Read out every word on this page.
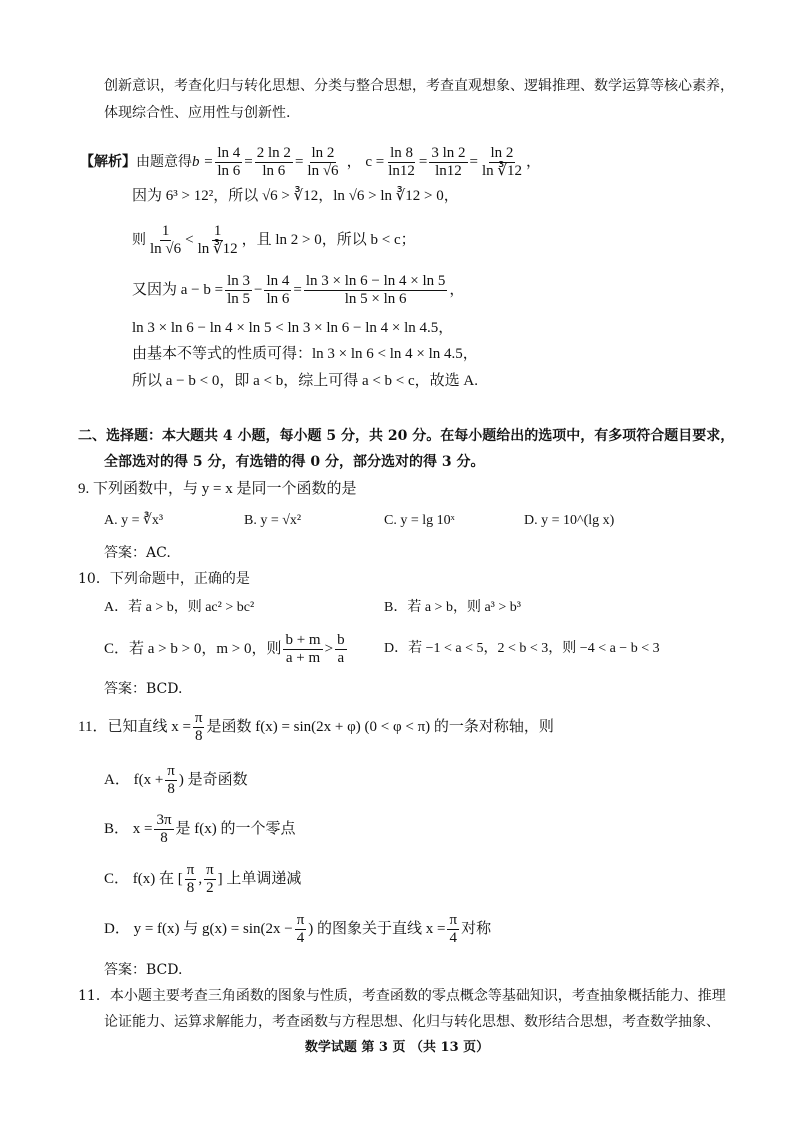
创新意识，考查化归与转化思想、分类与整合思想，考查直观想象、逻辑推理、数学运算等核心素养，
体现综合性、应用性与创新性.
【解析】 由题意得 $b = \frac{\ln 4}{\ln 6} = \frac{2 \ln 2}{\ln 6} = \frac{\ln 2}{\ln √6}$ ， $c = \frac{\ln 8}{\ln 12} = \frac{3 \ln 2}{\ln 12} = \frac{\ln 2}{\ln ∛12}$ ，
因为 6³ > 12²，所以 √6 > ∛12，ln √6 > ln ∛12 > 0，
则 $\frac{1}{\ln √6} < \frac{1}{\ln ∛12}$ ，且 ln 2 > 0，所以 b < c；
又因为 $a - b = \frac{\ln 3}{\ln 5} - \frac{\ln 4}{\ln 6} = \frac{\ln 3 \times \ln 6 - \ln 4 \times \ln 5}{\ln 5 \times \ln 6}$ ，
ln 3 × ln 6 − ln 4 × ln 5 < ln 3 × ln 6 − ln 4 × ln 4.5，
由基本不等式的性质可得：ln 3 × ln 6 < ln 4 × ln 4.5，
所以 a − b < 0，即 a < b，综上可得 a < b < c，故选 A.
二、选择题：本大题共 4 小题，每小题 5 分，共 20 分。在每小题给出的选项中，有多项符合题目要求，
全部选对的得 5 分，有选错的得 0 分，部分选对的得 3 分。
9. 下列函数中，与 y = x 是同一个函数的是
A. y = ∛x³	B. y = √x²	C. y = lg 10ˣ	D. y = 10^(lg x)
答案：AC.
10．下列命题中，正确的是
A．若 a > b，则 ac² > bc²	B．若 a > b，则 a³ > b³
C．若 a > b > 0，m > 0，则 $\frac{b + m}{a + m} > \frac{b}{a}$	D．若 −1 < a < 5，2 < b < 3，则 −4 < a − b < 3
答案：BCD.
11．已知直线 $x = \frac{\pi}{8}$ 是函数 f(x) = sin(2x + φ) (0 < φ < π) 的一条对称轴，则
A． $f(x + \frac{\pi}{8}$ ) 是奇函数
B． $x = \frac{3\pi}{8}$ 是 f(x) 的一个零点
C． f(x) 在 [ $\frac{\pi}{8}$ , $\frac{\pi}{2}$ ] 上单调递减
D． y = f(x) 与 $g(x) = \sin(2x - \frac{\pi}{4}$ ) 的图象关于直线 $x = \frac{\pi}{4}$ 对称
答案：BCD.
11．本小题主要考查三角函数的图象与性质，考查函数的零点概念等基础知识，考查抽象概括能力、推理
论证能力、运算求解能力，考查函数与方程思想、化归与转化思想、数形结合思想，考查数学抽象、
数学试题 第 3 页 （共 13 页）
